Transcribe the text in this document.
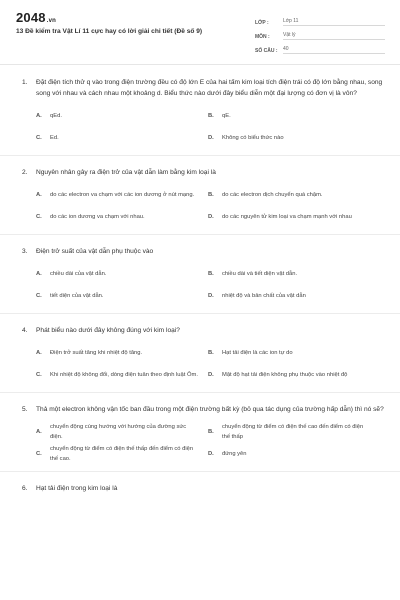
2048.vn
13 Đề kiểm tra Vật Lí 11 cực hay có lời giải chi tiết (Đề số 9)
LỚP :	Lớp 11
MÔN :	Vật lý
SỐ CÂU :	40
1.	Đặt điện tích thử q vào trong điện trường đều có độ lớn E của hai tấm kim loại tích điện trái có độ lớn bằng nhau, song song với nhau và cách nhau một khoảng d. Biểu thức nào dưới đây biểu diễn một đại lượng có đơn vị là vôn?
A.	qEd.	B.	qE.
C.	Ed.	D.	Không có biểu thức nào
2.	Nguyên nhân gây ra điện trở của vật dẫn làm bằng kim loại là
A.	do các electron va chạm với các ion dương ở nút mạng.	B.	do các electron dịch chuyển quá chậm.
C.	do các ion dương va chạm với nhau.	D.	do các nguyên tử kim loại va chạm mạnh với nhau
3.	Điện trở suất của vật dẫn phụ thuộc vào
A.	chiều dài của vật dẫn.	B.	chiều dài và tiết diện vật dẫn.
C.	tiết diện của vật dẫn.	D.	nhiệt độ và bản chất của vật dẫn
4.	Phát biểu nào dưới đây không đúng với kim loại?
A.	Điện trở suất tăng khi nhiệt độ tăng.	B.	Hạt tải điện là các ion tự do
C.	Khi nhiệt độ không đổi, dòng điện tuân theo định luật Ôm.	D.	Mật độ hạt tải điện không phụ thuộc vào nhiệt độ
5.	Thả một electron không vận tốc ban đầu trong một điện trường bất kỳ (bỏ qua tác dụng của trường hấp dẫn) thì nó sẽ?
A.
chuyển động cùng hướng với hướng của đường sức điện.
B.
chuyển động từ điểm có điện thế cao đến điểm có điện thế thấp
C.
chuyển động từ điểm có điện thế thấp đến điểm có điện thế cao.
D.	đứng yên
6.	Hạt tải điện trong kim loại là
